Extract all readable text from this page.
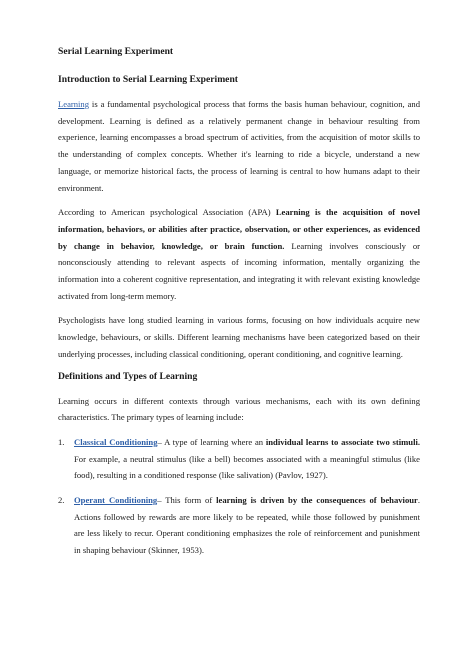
Serial Learning Experiment
Introduction to Serial Learning Experiment

Learning is a fundamental psychological process that forms the basis human behaviour, cognition, and development. Learning is defined as a relatively permanent change in behaviour resulting from experience, learning encompasses a broad spectrum of activities, from the acquisition of motor skills to the understanding of complex concepts. Whether it's learning to ride a bicycle, understand a new language, or memorize historical facts, the process of learning is central to how humans adapt to their environment.

According to American psychological Association (APA) Learning is the acquisition of novel information, behaviors, or abilities after practice, observation, or other experiences, as evidenced by change in behavior, knowledge, or brain function. Learning involves consciously or nonconsciously attending to relevant aspects of incoming information, mentally organizing the information into a coherent cognitive representation, and integrating it with relevant existing knowledge activated from long-term memory.

Psychologists have long studied learning in various forms, focusing on how individuals acquire new knowledge, behaviours, or skills. Different learning mechanisms have been categorized based on their underlying processes, including classical conditioning, operant conditioning, and cognitive learning.

Definitions and Types of Learning

Learning occurs in different contexts through various mechanisms, each with its own defining characteristics. The primary types of learning include:

1. Classical Conditioning– A type of learning where an individual learns to associate two stimuli. For example, a neutral stimulus (like a bell) becomes associated with a meaningful stimulus (like food), resulting in a conditioned response (like salivation) (Pavlov, 1927).
2. Operant Conditioning– This form of learning is driven by the consequences of behaviour. Actions followed by rewards are more likely to be repeated, while those followed by punishment are less likely to recur. Operant conditioning emphasizes the role of reinforcement and punishment in shaping behaviour (Skinner, 1953).
